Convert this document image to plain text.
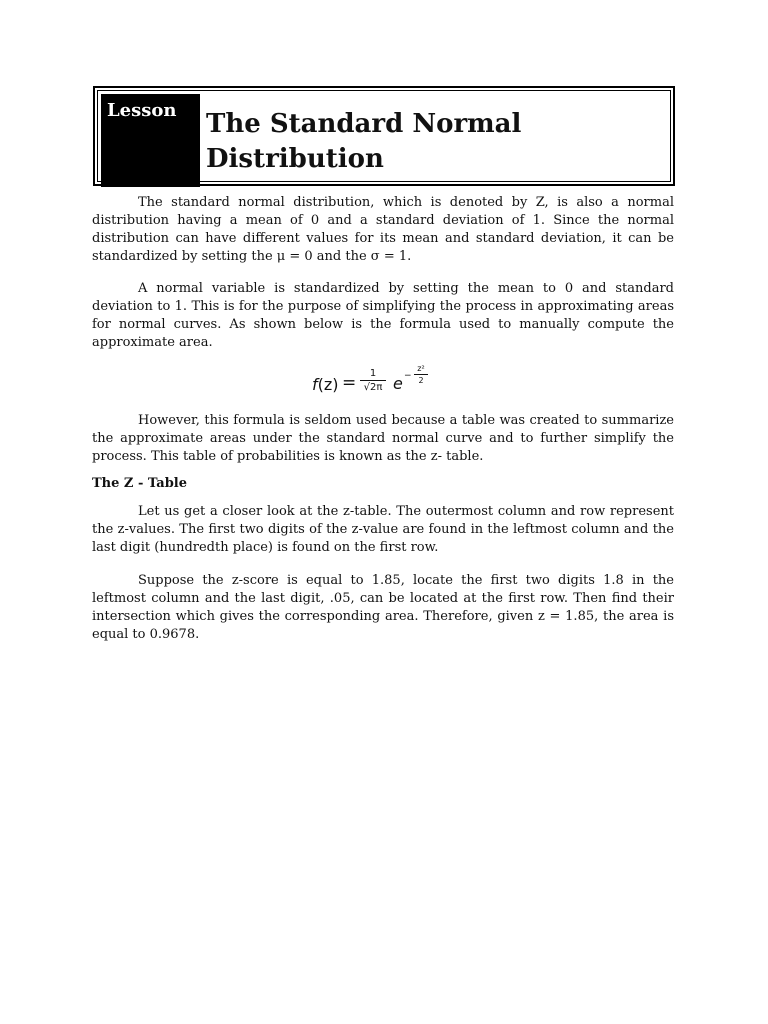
Lesson The Standard Normal
Distribution

The standard normal distribution, which is denoted by Z, is also a normal distribution having a mean of 0 and a standard deviation of 1. Since the normal distribution can have different values for its mean and standard deviation, it can be standardized by setting the μ = 0 and the σ = 1.

A normal variable is standardized by setting the mean to 0 and standard deviation to 1. This is for the purpose of simplifying the process in approximating areas for normal curves. As shown below is the formula used to manually compute the approximate area.

f(z) =	1
√2π e −
z²
2

However, this formula is seldom used because a table was created to summarize the approximate areas under the standard normal curve and to further simplify the process. This table of probabilities is known as the z- table.

The Z - Table

Let us get a closer look at the z-table. The outermost column and row represent the z-values. The first two digits of the z-value are found in the leftmost column and the last digit (hundredth place) is found on the first row.

Suppose the z-score is equal to 1.85, locate the first two digits 1.8 in the leftmost column and the last digit, .05, can be located at the first row. Then find their intersection which gives the corresponding area. Therefore, given z = 1.85, the area is equal to 0.9678.
